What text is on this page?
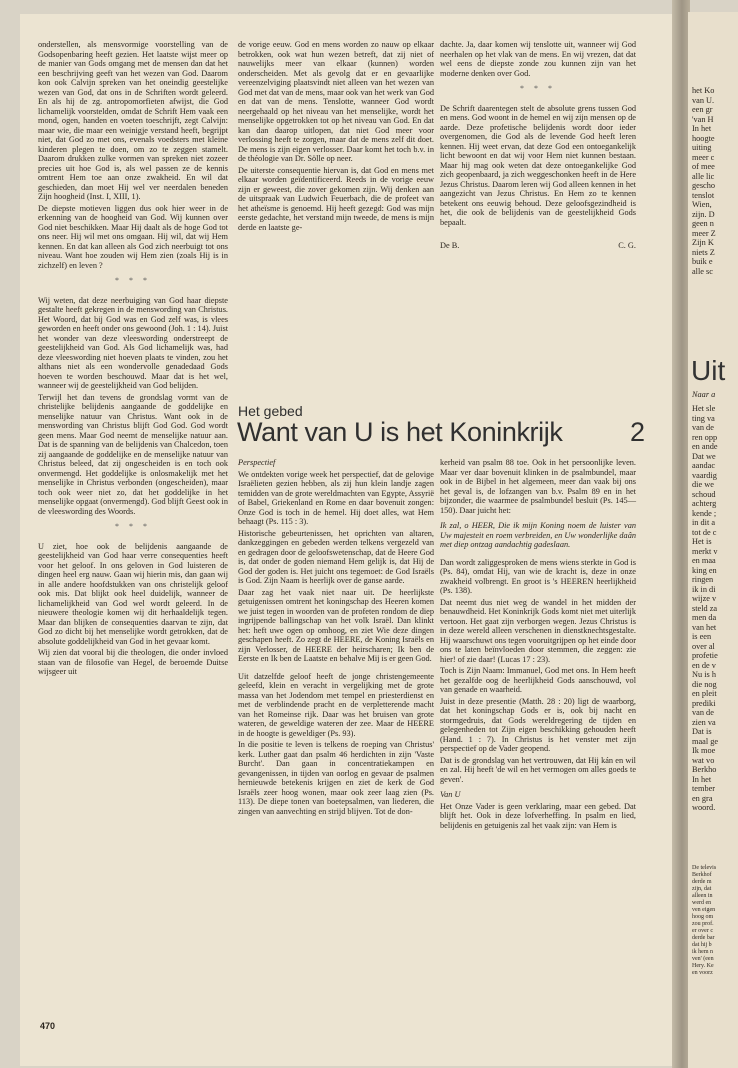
onderstellen, als mensvormige voorstelling van de Godsopenbaring heeft gezien. Het laatste wijst meer op de manier van Gods omgang met de mensen dan dat het een beschrijving geeft van het wezen van God. Daarom kon ook Calvijn spreken van het oneindig geestelijke wezen van God, dat ons in de Schriften wordt geleerd. En als hij de zg. antropomorfieten afwijst, die God lichamelijk voorstelden, omdat de Schrift Hem vaak een mond, ogen, handen en voeten toeschrijft, zegt Calvijn: maar wie, die maar een weinigje verstand heeft, begrijpt niet, dat God zo met ons, evenals voedsters met kleine kinderen plegen te doen, om zo te zeggen stamelt. Daarom drukken zulke vormen van spreken niet zozeer precies uit hoe God is, als wel passen ze de kennis omtrent Hem toe aan onze zwakheid. En wil dat geschieden, dan moet Hij wel ver neerdalen beneden Zijn hoogheid (Inst. I, XIII, 1).

De diepste motieven liggen dus ook hier weer in de erkenning van de hoogheid van God. Wij kunnen over God niet beschikken. Maar Hij daalt als de hoge God tot ons neer. Hij wil met ons omgaan. Hij wil, dat wij Hem kennen. En dat kan alleen als God zich neerbuigt tot ons niveau. Want hoe zouden wij Hem zien (zoals Hij is in zichzelf) en leven ?

* * *

Wij weten, dat deze neerbuiging van God haar diepste gestalte heeft gekregen in de menswording van Christus. Het Woord, dat bij God was en God zelf was, is vlees geworden en heeft onder ons gewoond (Joh. 1 : 14). Juist het wonder van deze vleeswording onderstreept de geestelijkheid van God. Als God lichamelijk was, had deze vleeswording niet hoeven plaats te vinden, zou het althans niet als een wondervolle genadedaad Gods hoeven te worden beschouwd. Maar dat is het wel, wanneer wij de geestelijkheid van God belijden.

Terwijl het dan tevens de grondslag vormt van de christelijke belijdenis aangaande de goddelijke en menselijke natuur van Christus. Want ook in de menswording van Christus blijft God God. God wordt geen mens. Maar God neemt de menselijke natuur aan. Dat is de spanning van de belijdenis van Chalcedon, toen zij aangaande de goddelijke en de menselijke natuur van Christus beleed, dat zij ongescheiden is en toch ook onvermengd. Het goddelijke is onlosmakelijk met het menselijke in Christus verbonden (ongescheiden), maar toch ook weer niet zo, dat het goddelijke in het menselijke opgaat (onvermengd). God blijft Geest ook in de vleeswording des Woords.

* * *

U ziet, hoe ook de belijdenis aangaande de geestelijkheid van God haar verre consequenties heeft voor het geloof. In ons geloven in God luisteren de dingen heel erg nauw. Gaan wij hierin mis, dan gaan wij in alle andere hoofdstukken van ons christelijk geloof ook mis. Dat blijkt ook heel duidelijk, wanneer de lichamelijkheid van God wel wordt geleerd. In de nieuwere theologie komen wij dit herhaaldelijk tegen. Maar dan blijken de consequenties daarvan te zijn, dat God zo dicht bij het menselijke wordt getrokken, dat de absolute goddelijkheid van God in het gevaar komt.

Wij zien dat vooral bij die theologen, die onder invloed staan van de filosofie van Hegel, de beroemde Duitse wijsgeer uit

de vorige eeuw. God en mens worden zo nauw op elkaar betrokken, ook wat hun wezen betreft, dat zij niet of nauwelijks meer van elkaar (kunnen) worden onderscheiden. Met als gevolg dat er en gevaarlijke vereenzelviging plaatsvindt niet alleen van het wezen van God met dat van de mens, maar ook van het werk van God en dat van de mens. Tenslotte, wanneer God wordt neergehaald op het niveau van het menselijke, wordt het menselijke opgetrokken tot op het niveau van God. En dat kan dan daarop uitlopen, dat niet God meer voor verlossing heeft te zorgen, maar dat de mens zelf dit doet. De mens is zijn eigen verlosser. Daar komt het toch b.v. in de théologie van Dr. Sölle op neer.

De uiterste consequentie hiervan is, dat God en mens met elkaar worden geïdentificeerd. Reeds in de vorige eeuw zijn er geweest, die zover gekomen zijn. Wij denken aan de uitspraak van Ludwich Feuerbach, die de profeet van het atheïsme is genoemd. Hij heeft gezegd: God was mijn eerste gedachte, het verstand mijn tweede, de mens is mijn derde en laatste ge-

dachte. Ja, daar komen wij tenslotte uit, wanneer wij God neerhalen op het vlak van de mens. En wij vrezen, dat dat wel eens de diepste zonde zou kunnen zijn van het moderne denken over God.

* * *

De Schrift daarentegen stelt de absolute grens tussen God en mens. God woont in de hemel en wij zijn mensen op de aarde. Deze profetische belijdenis wordt door ieder overgenomen, die God als de levende God heeft leren kennen. Hij weet ervan, dat deze God een ontoegankelijk licht bewoont en dat wij voor Hem niet kunnen bestaan. Maar hij mag ook weten dat deze ontoegankelijke God zich geopenbaard, ja zich weggeschonken heeft in de Here Jezus Christus. Daarom leren wij God alleen kennen in het aangezicht van Jezus Christus. En Hem zo te kennen betekent ons eeuwig behoud. Deze geloofsgezindheid is het, die ook de belijdenis van de geestelijkheid Gods bepaalt.

De B.	C. G.
Het gebed
Want van U is het Koninkrijk	2

Perspectief

We ontdekten vorige week het perspectief, dat de gelovige Israëlieten gezien hebben, als zij hun klein landje zagen temidden van de grote wereldmachten van Egypte, Assyrië of Babel, Griekenland en Rome en daar bovenuit zongen: Onze God is toch in de hemel. Hij doet alles, wat Hem behaagt (Ps. 115 : 3).

Historische gebeurtenissen, het oprichten van altaren, dankzeggingen en gebeden werden telkens vergezeld van en gedragen door de geloofswetenschap, dat de Heere God is, dat onder de goden niemand Hem gelijk is, dat Hij de God der goden is. Het juicht ons tegemoet: de God Israëls is God. Zijn Naam is heerlijk over de ganse aarde.

Daar zag het vaak niet naar uit. De heerlijkste getuigenissen omtrent het koningschap des Heeren komen we juist tegen in woorden van de profeten rondom de diep ingrijpende ballingschap van het volk Israël. Dan klinkt het: heft uwe ogen op omhoog, en ziet Wie deze dingen geschapen heeft. Zo zegt de HEERE, de Koning Israëls en zijn Verlosser, de HEERE der heirscharen; Ik ben de Eerste en Ik ben de Laatste en behalve Mij is er geen God.

Uit datzelfde geloof heeft de jonge christengemeente geleefd, klein en veracht in vergelijking met de grote massa van het Jodendom met tempel en priesterdienst en met de verblindende pracht en de verpletterende macht van het Romeinse rijk. Daar was het bruisen van grote wateren, de geweldige wateren der zee. Maar de HEERE in de hoogte is geweldiger (Ps. 93).

In die positie te leven is telkens de roeping van Christus' kerk. Luther gaat dan psalm 46 herdichten in zijn 'Vaste Burcht'. Dan gaan in concentratiekampen en gevangenissen, in tijden van oorlog en gevaar de psalmen hernieuwde betekenis krijgen en ziet de kerk de God Israëls zeer hoog wonen, maar ook zeer laag zien (Ps. 113). De diepe tonen van boetepsalmen, van liederen, die zingen van aanvechting en strijd blijven. Tot de don-

kerheid van psalm 88 toe. Ook in het persoonlijke leven. Maar ver daar bovenuit klinken in de psalmbundel, maar ook in de Bijbel in het algemeen, meer dan vaak bij ons het geval is, de lofzangen van b.v. Psalm 89 en in het bijzonder, die waarmee de psalmbundel besluit (Ps. 145—150). Daar juicht het:

Ik zal, o HEER, Die ik mijn Koning noem de luister van Uw majesteit en roem verbreiden, en Uw wonderlijke daân met diep ontzag aandachtig gadeslaan.

Dan wordt zaliggesproken de mens wiens sterkte in God is (Ps. 84), omdat Hij, van wie de kracht is, deze in onze zwakheid volbrengt. En groot is 's HEEREN heerlijkheid (Ps. 138).

Dat neemt dus niet weg de wandel in het midden der benauwdheid. Het Koninkrijk Gods komt niet met uiterlijk vertoon. Het gaat zijn verborgen wegen. Jezus Christus is in deze wereld alleen verschenen in dienstknechtsgestalte. Hij waarschuwt ons tegen vooruitgrijpen op het einde door ons te laten beïnvloeden door stemmen, die zeggen: zie hier! of zie daar! (Lucas 17 : 23).

Toch is Zijn Naam: Immanuel, God met ons. In Hem heeft het gezalfde oog de heerlijkheid Gods aanschouwd, vol van genade en waarheid.

Juist in deze presentie (Matth. 28 : 20) ligt de waarborg, dat het koningschap Gods er is, ook bij nacht en stormgedruis, dat Gods wereldregering de tijden en gelegenheden tot Zijn eigen beschikking gehouden heeft (Hand. 1 : 7). In Christus is het venster met zijn perspectief op de Vader geopend.

Dat is de grondslag van het vertrouwen, dat Hij kán en wil en zal. Hij heeft 'de wil en het vermogen om alles goeds te geven'.

Van U

Het Onze Vader is geen verklaring, maar een gebed. Dat blijft het. Ook in deze lofverheffing. In psalm en lied, belijdenis en getuigenis zal het vaak zijn: van Hem is

470

het Ko

van U.

een gr

'van H

In het

hoogte

uiting

meer c

of mee

alle lic

gescho

tenslot

Wien,

zijn. D

geen n

meer Z

Zijn K

niets Z

buik e

alle sc

Uit
Naar a

Het sle

ting va

van de

ren opp

en ande

Dat we

aandac

vaardig

die we

schoud

achterg

kende ;

in dit a

tot de c

Het is

merkt v

en maa

king en

ringen

ik in di

wijze v

steld za

men da

van het

is een

over al

profetie

en de v

Nu is h

die nog

en pleit

prediki

van de

zien va

Dat is

maal ge

Ik moe

wat vo

Berkho

In het

tember

en gra

woord.

De televis

Berkhof

derde m

zijn, dat

alleen in

werd en

ven eigen

hoog om

zou prof.

er over c

derde bar

dat hij b

ik hem n

ven' (een

Hery. Ke

en voorz
